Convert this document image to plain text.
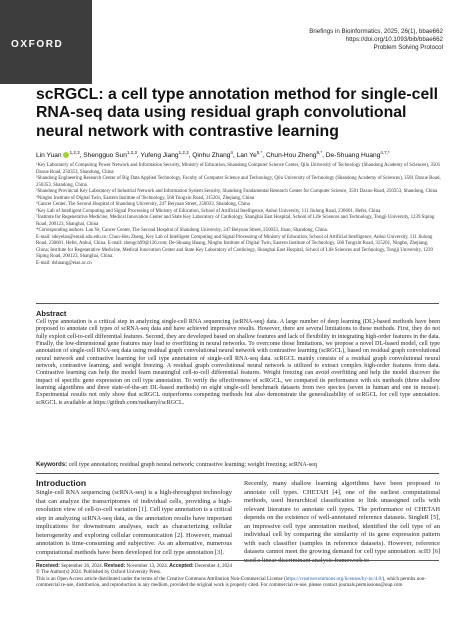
OXFORD
Briefings in Bioinformatics, 2025, 26(1), bbae662
https://doi.org/10.1093/bib/bbae662
Problem Solving Protocol
scRGCL: a cell type annotation method for single-cell RNA-seq data using residual graph convolutional neural network with contrastive learning
Lin Yuan $^{1,2,3}$, Shengguo Sun$^{1,2,3}$, Yufeng Jiang$^{1,2,3}$, Qinhu Zhang$^4$, Lan $Ye^{5,*}$, Chun-Hou Zheng$^{6,*}$, De-Shuang Huang$^{4,7,*}$
¹Key Laboratory of Computing Power Network and Information Security, Ministry of Education, Shandong Computer Science Center, Qilu University of Technology (Shandong Academy of Sciences), 3501 Daxue Road, 250353, Shandong, China
²Shandong Engineering Research Center of Big Data Applied Technology, Faculty of Computer Science and Technology, Qilu University of Technology (Shandong Academy of Sciences), 3501 Daxue Road, 250353, Shandong, China
³Shandong Provincial Key Laboratory of Industrial Network and Information System Security, Shandong Fundamental Research Center for Computer Science, 3501 Daxue Road, 250353, Shandong, China
⁴Ningbo Institute of Digital Twin, Eastern Institute of Technology, 568 Tongxin Road, 315201, Zhejiang, China
⁵Cancer Center, The Second Hospital of Shandong University, 247 Beiyuan Street, 250033, Shandong, China
⁶Key Lab of Intelligent Computing and Signal Processing of Ministry of Education, School of Artificial Intelligence, Anhui University, 111 Jiulong Road, 230601, Hefei, China
⁷Institute for Regenerative Medicine, Medical Innovation Center and State Key Laboratory of Cardiology, Shanghai East Hospital, School of Life Sciences and Technology, Tongji University, 1239 Siping Road, 200123, Shanghai, China
*Corresponding authors. Lan Ye, Cancer Center, The Second Hospital of Shandong University, 247 Beiyuan Street, 250033, Jinan, Shandong, China.
E-mail: sdeyelan@email.sdu.edu.cn; Chun-Hou Zheng, Key Lab of Intelligent Computing and Signal Processing of Ministry of Education, School of Artificial Intelligence, Anhui University, 111 Jiulong Road, 230601, Hefei, Anhui, China. E-mail: zhengch99@126.com; De-Shuang Huang, Ningbo Institute of Digital Twin, Eastern Institute of Technology, 568 Tongxin Road, 315201, Ningbo, Zhejiang, China; Institute for Regenerative Medicine, Medical Innovation Center and State Key Laboratory of Cardiology, Shanghai East Hospital, School of Life Sciences and Technology, Tongji University, 1239 Siping Road, 200123, Shanghai, China.
E-mail: dshuang@eias.ac.cn
Abstract
Cell type annotation is a critical step in analyzing single-cell RNA sequencing (scRNA-seq) data. A large number of deep learning (DL)-based methods have been proposed to annotate cell types of scRNA-seq data and have achieved impressive results. However, there are several limitations to these methods. First, they do not fully exploit cell-to-cell differential features. Second, they are developed based on shallow features and lack of flexibility in integrating high-order features in the data. Finally, the low-dimensional gene features may lead to overfitting in neural networks. To overcome those limitations, we propose a novel DL-based model, cell type annotation of single-cell RNA-seq data using residual graph convolutional neural network with contrastive learning (scRGCL), based on residual graph convolutional neural network and contrastive learning for cell type annotation of single-cell RNA-seq data. scRGCL mainly consists of a residual graph convolutional neural network, contrastive learning, and weight freezing. A residual graph convolutional neural network is utilized to extract complex high-order features from data. Contrastive learning can help the model learn meaningful cell-to-cell differential features. Weight freezing can avoid overfitting and help the model discover the impact of specific gene expression on cell type annotation. To verify the effectiveness of scRGCL, we compared its performance with six methods (three shallow learning algorithms and three state-of-the-art DL-based methods) on eight single-cell benchmark datasets from two species (seven in human and one in mouse). Experimental results not only show that scRGCL outperforms competing methods but also demonstrate the generalizability of scRGCL for cell type annotation. scRGCL is available at https://github.com/nathanyl/scRGCL.
Keywords: cell type annotation; residual graph neural network; contrastive learning; weight freezing; scRNA-seq
Introduction
Single-cell RNA sequencing (scRNA-seq) is a high-throughput technology that can analyze the transcriptomes of individual cells, providing a high-resolution view of cell-to-cell variation [1]. Cell type annotation is a critical step in analyzing scRNA-seq data, as the annotation results have important implications for downstream analyses, such as characterizing cellular heterogeneity and exploring cellular communication [2]. However, manual annotation is time-consuming and subjective. As an alternative, numerous computational methods have been developed for cell type annotation [3].
Recently, many shallow learning algorithms have been proposed to annotate cell types. CHETAH [4], one of the earliest computational methods, used hierarchical classification to link unassigned cells with relevant literature to annotate cell types. The performance of CHETAH depends on the existence of well-annotated reference datasets. SingleR [5], an impressive cell type annotation method, identified the cell type of an individual cell by comparing the similarity of its gene expression pattern with each classifier (samples in reference datasets). However, reference datasets cannot meet the growing demand for cell type annotation. scID [6] used a linear discriminant analysis framework to
Received: September 26, 2024. Revised: November 13, 2024. Accepted: December 4, 2024
© The Author(s) 2024. Published by Oxford University Press.
This is an Open Access article distributed under the terms of the Creative Commons Attribution Non-Commercial License (https://creativecommons.org/licenses/by-nc/4.0/), which permits non-commercial re-use, distribution, and reproduction in any medium, provided the original work is properly cited. For commercial re-use, please contact journals.permissions@oup.com
